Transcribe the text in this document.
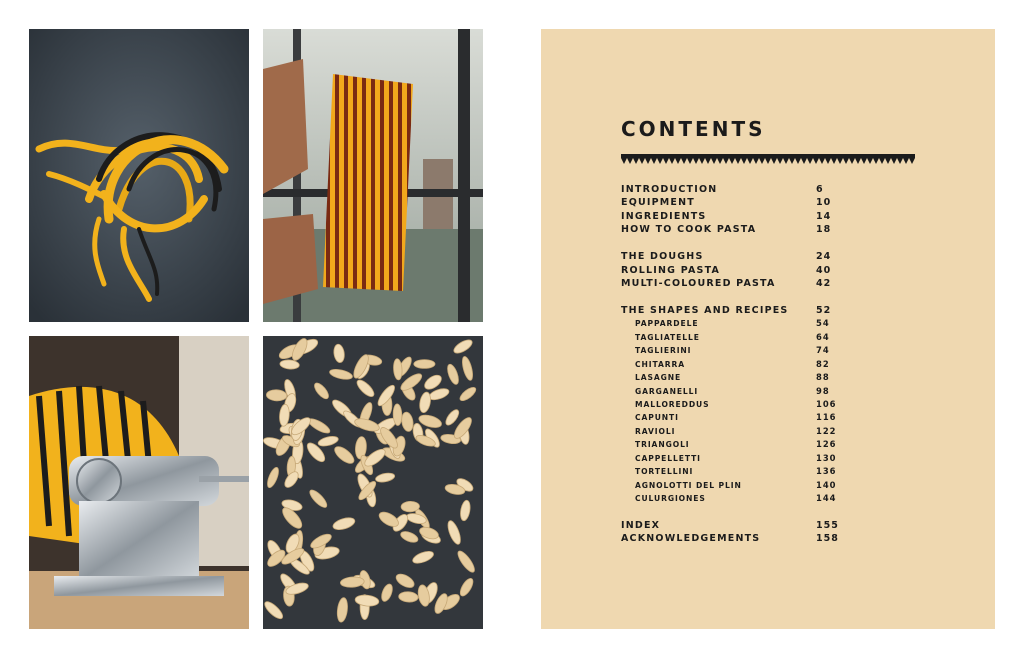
CONTENTS
INTRODUCTION	6
EQUIPMENT	10
INGREDIENTS	14
HOW TO COOK PASTA	18
THE DOUGHS	24
ROLLING PASTA	40
MULTI-COLOURED PASTA	42
THE SHAPES AND RECIPES	52
PAPPARDELE	54
TAGLIATELLE	64
TAGLIERINI	74
CHITARRA	82
LASAGNE	88
GARGANELLI	98
MALLOREDDUS	106
CAPUNTI	116
RAVIOLI	122
TRIANGOLI	126
CAPPELLETTI	130
TORTELLINI	136
AGNOLOTTI DEL PLIN	140
CULURGIONES	144
INDEX	155
ACKNOWLEDGEMENTS	158
